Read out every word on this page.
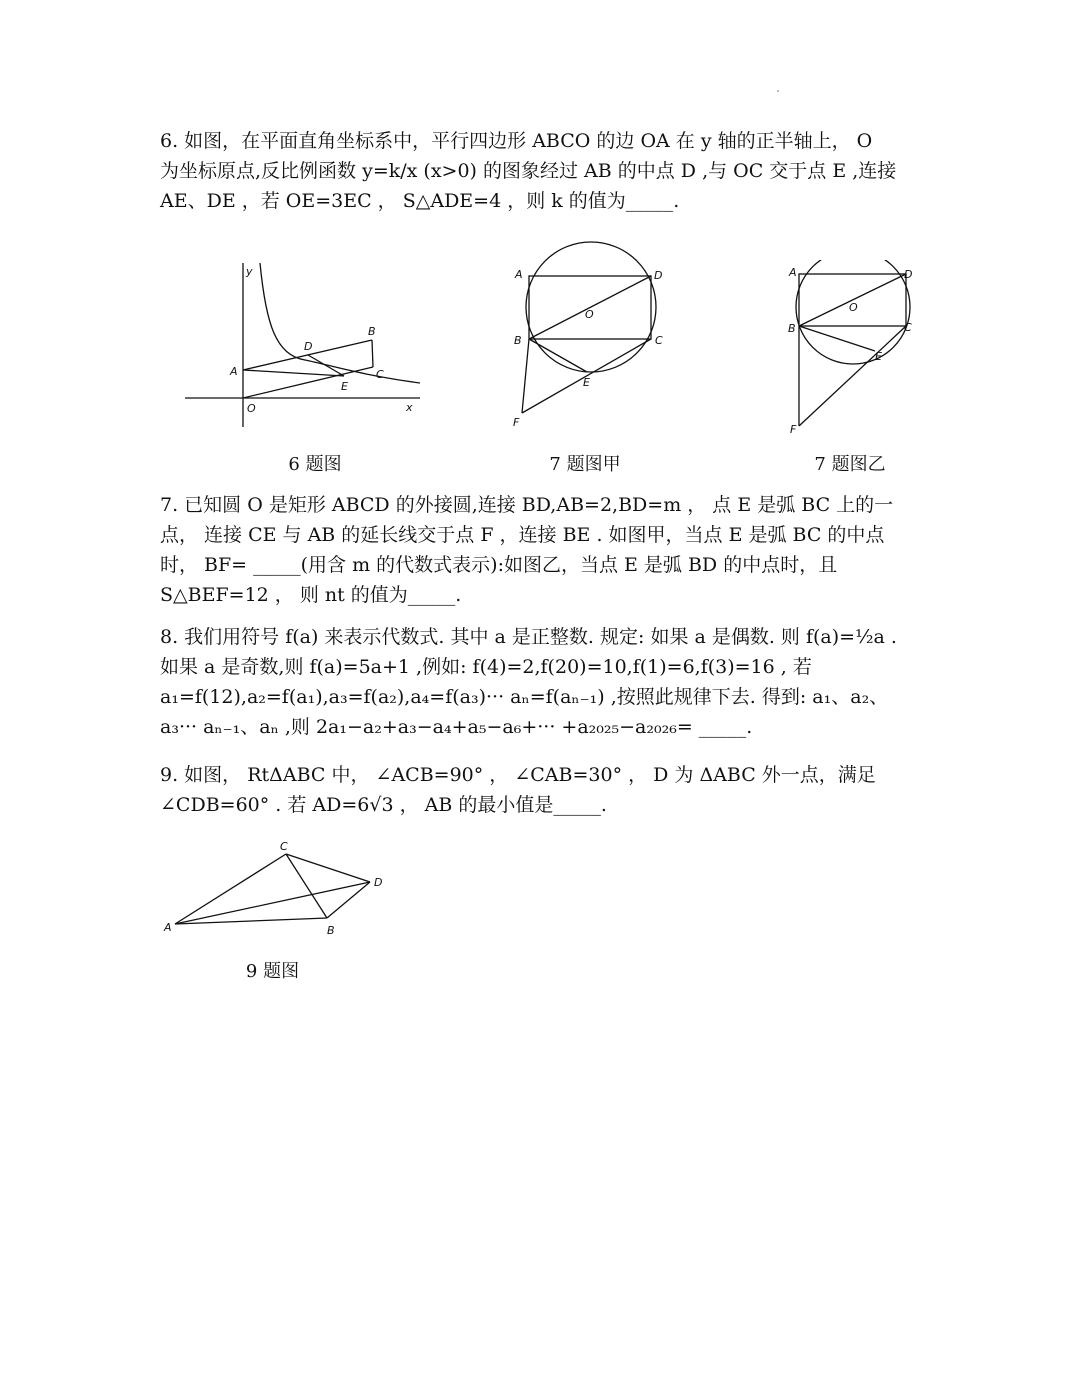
6. 如图，在平面直角坐标系中，平行四边形 ABCO 的边 OA 在 y 轴的正半轴上， O

为坐标原点,反比例函数 y=k/x (x>0) 的图象经过 AB 的中点 D ,与 OC 交于点 E ,连接

AE、DE ，若 OE=3EC ， S△ADE=4 ，则 k 的值为_____.

y
x
O
A
B
C
D
E
6 题图
A	D
O
B	C
E
F
7 题图甲
A	D
O
B	C
E
F
7 题图乙

7. 已知圆 O 是矩形 ABCD 的外接圆,连接 BD,AB=2,BD=m ， 点 E 是弧 BC 上的一

点， 连接 CE 与 AB 的延长线交于点 F ，连接 BE . 如图甲，当点 E 是弧 BC 的中点

时， BF= _____(用含 m 的代数式表示):如图乙，当点 E 是弧 BD 的中点时，且

S△BEF=12 ， 则 nt 的值为_____.

8. 我们用符号 f(a) 来表示代数式. 其中 a 是正整数. 规定: 如果 a 是偶数. 则 f(a)=½a .

如果 a 是奇数,则 f(a)=5a+1 ,例如: f(4)=2,f(20)=10,f(1)=6,f(3)=16 , 若

a₁=f(12),a₂=f(a₁),a₃=f(a₂),a₄=f(a₃)··· aₙ=f(aₙ₋₁) ,按照此规律下去. 得到: a₁、a₂、

a₃··· aₙ₋₁、aₙ ,则 2a₁−a₂+a₃−a₄+a₅−a₆+··· +a₂₀₂₅−a₂₀₂₆= _____.

9. 如图， RtΔABC 中， ∠ACB=90° ， ∠CAB=30° ， D 为 ΔABC 外一点，满足

∠CDB=60° . 若 AD=6√3 ， AB 的最小值是_____.

A	B
C
D
9 题图
